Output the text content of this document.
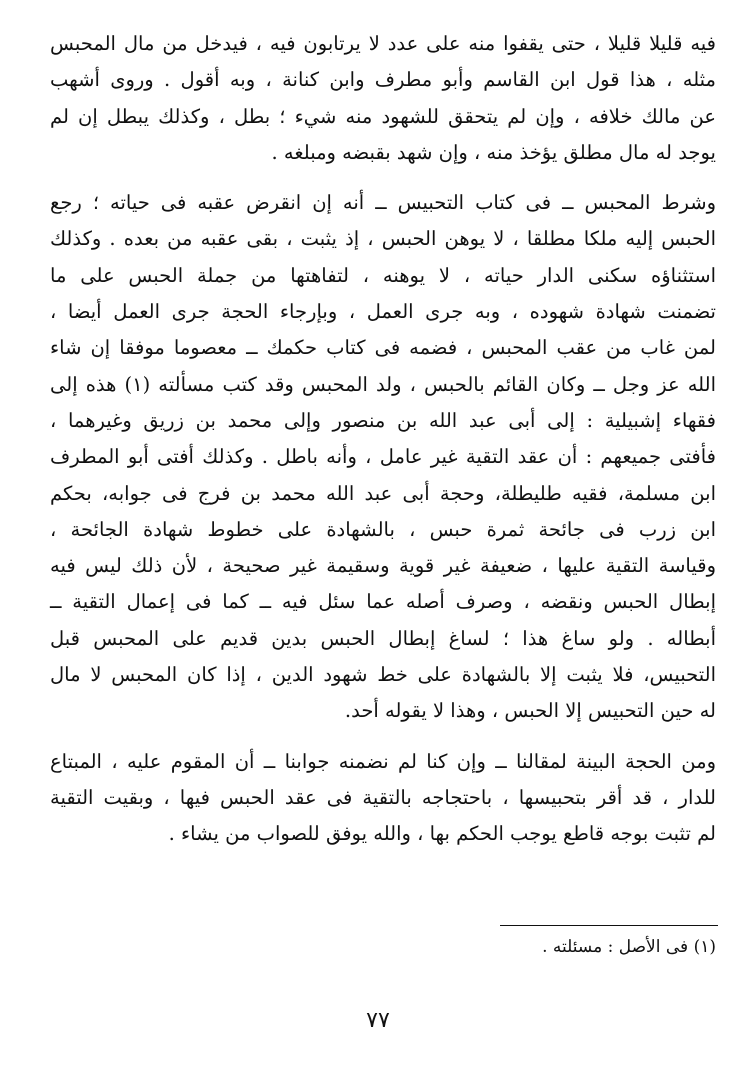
فيه قليلا قليلا ، حتى يقفوا منه على عدد لا يرتابون فيه ، فيدخل من مال المحبس
مثله ، هذا قول ابن القاسم وأبو مطرف وابن كنانة ، وبه أقول . وروى أشهب
عن مالك خلافه ، وإن لم يتحقق للشهود منه شيء ؛ بطل ، وكذلك يبطل إن لم
يوجد له مال مطلق يؤخذ منه ، وإن شهد بقبضه ومبلغه .

وشرط المحبس ــ فى كتاب التحبيس ــ أنه إن انقرض عقبه فى حياته ؛ رجع
الحبس إليه ملكا مطلقا ، لا يوهن الحبس ، إذ يثبت ، بقى عقبه من بعده . وكذلك
استثناؤه سكنى الدار حياته ، لا يوهنه ، لتفاهتها من جملة الحبس على ما
تضمنت شهادة شهوده ، وبه جرى العمل ، وبإرجاء الحجة جرى العمل أيضا ،
لمن غاب من عقب المحبس ، فضمه فى كتاب حكمك ــ معصوما موفقا إن شاء
الله عز وجل ــ وكان القائم بالحبس ، ولد المحبس وقد كتب مسألته (١) هذه إلى
فقهاء إشبيلية : إلى أبى عبد الله بن منصور وإلى محمد بن زريق وغيرهما ،
فأفتى جميعهم : أن عقد التقية غير عامل ، وأنه باطل . وكذلك أفتى أبو المطرف
ابن مسلمة، فقيه طليطلة، وحجة أبى عبد الله محمد بن فرج فى جوابه، بحكم
ابن زرب فى جائحة ثمرة حبس ، بالشهادة على خطوط شهادة الجائحة ،
وقياسة التقية عليها ، ضعيفة غير قوية وسقيمة غير صحيحة ، لأن ذلك ليس فيه
إبطال الحبس ونقضه ، وصرف أصله عما سئل فيه ــ كما فى إعمال التقية ــ
أبطاله . ولو ساغ هذا ؛ لساغ إبطال الحبس بدين قديم على المحبس قبل
التحبيس، فلا يثبت إلا بالشهادة على خط شهود الدين ، إذا كان المحبس لا مال
له حين التحبيس إلا الحبس ، وهذا لا يقوله أحد.

ومن الحجة البينة لمقالنا ــ وإن كنا لم نضمنه جوابنا ــ أن المقوم عليه ، المبتاع
للدار ، قد أقر بتحبيسها ، باحتجاجه بالتقية فى عقد الحبس فيها ، وبقيت التقية
لم تثبت بوجه قاطع يوجب الحكم بها ، والله يوفق للصواب من يشاء .

(١) فى الأصل : مسئلته .
٧٧
